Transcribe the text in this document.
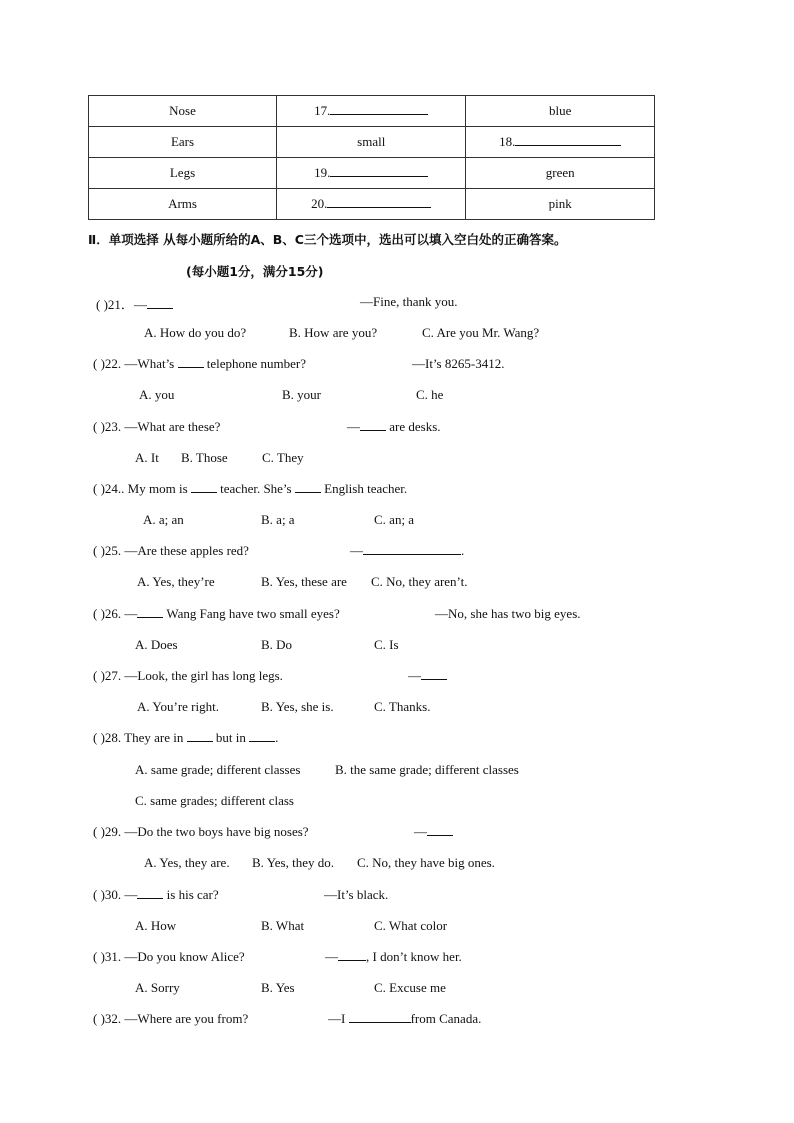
Nose	17.	blue
Ears	small	18.
Legs	19.	green
Arms	20.	pink
Ⅱ．单项选择 从每小题所给的A、B、C三个选项中，选出可以填入空白处的正确答案。
(每小题1分，满分15分)
( )21．—	—Fine, thank you.
A. How do you do?	B. How are you?	C. Are you Mr. Wang?
( )22. —What’s  telephone number?	—It’s 8265-3412.
A. you	B. your	C. he
( )23. —What are these?	— are desks.
A. It B. Those	C. They
( )24.. My mom is  teacher. She’s  English teacher.
A. a; an	B. a; a	C. an; a
( )25. —Are these apples red?	—	.
A. Yes, they’re	B. Yes, these are C. No, they aren’t.
( )26. — Wang Fang have two small eyes?	—No, she has two big eyes.
A. Does	B. Do	C. Is
( )27. —Look, the girl has long legs.	—
A. You’re right.	B. Yes, she is.	C. Thanks.
( )28. They are in  but in .
A. same grade; different classes	B. the same grade; different classes
C. same grades; different class
( )29. —Do the two boys have big noses?	—
A. Yes, they are. B. Yes, they do. C. No, they have big ones.
( )30. — is his car?	—It’s black.
A. How	B. What	C. What color
( )31. —Do you know Alice?	— , I don’t know her.
A. Sorry	B. Yes	C. Excuse me
( )32. —Where are you from?	—I	from Canada.
